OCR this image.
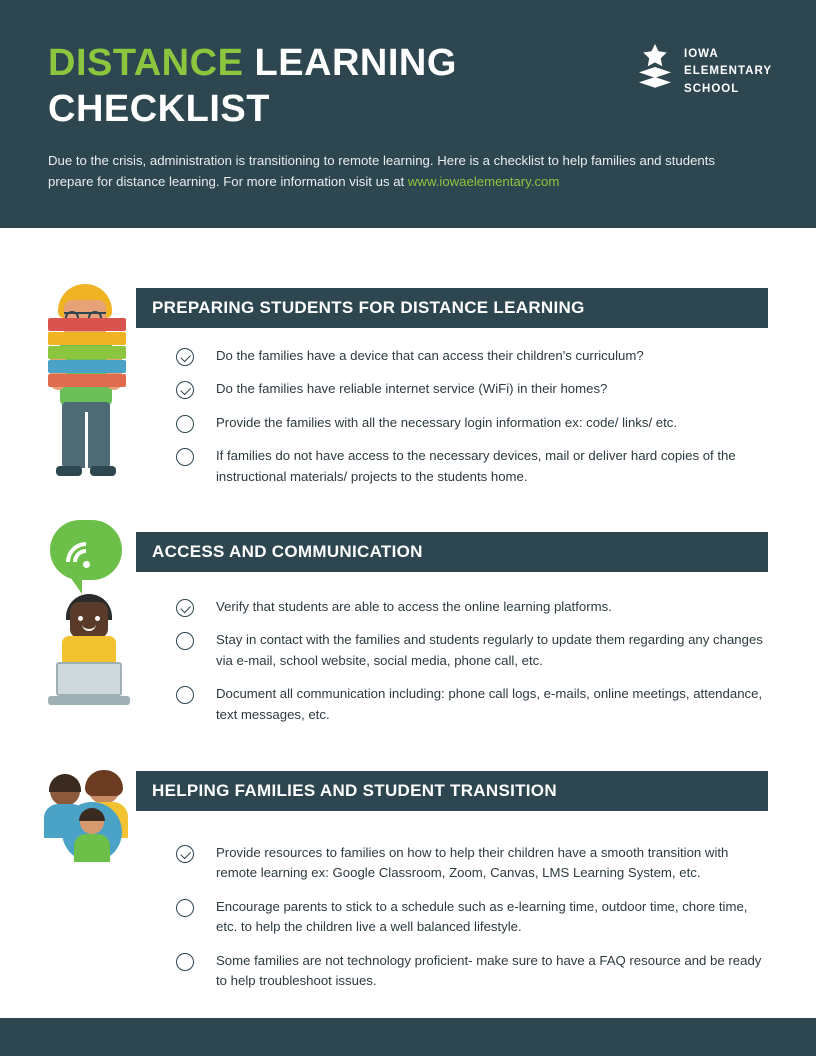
DISTANCE LEARNING CHECKLIST
Due to the crisis, administration is transitioning to remote learning. Here is a checklist to help families and students prepare for distance learning. For more information visit us at www.iowaelementary.com
IOWA
ELEMENTARY
SCHOOL
PREPARING STUDENTS FOR DISTANCE LEARNING
Do the families have a device that can access their children's curriculum?
Do the families have reliable internet service (WiFi) in their homes?
Provide the families with all the necessary login information ex: code/ links/ etc.
If families do not have access to the necessary devices, mail or deliver hard copies of the instructional materials/ projects to the students home.
ACCESS AND COMMUNICATION
Verify that students are able to access the online learning platforms.
Stay in contact with the families and students regularly to update them regarding any changes via e-mail, school website, social media, phone call, etc.
Document all communication including: phone call logs, e-mails, online meetings, attendance, text messages, etc.
HELPING FAMILIES AND STUDENT TRANSITION
Provide resources to families on how to help their children have a smooth transition with remote learning ex: Google Classroom, Zoom, Canvas, LMS Learning System, etc.
Encourage parents to stick to a schedule such as e-learning time, outdoor time, chore time, etc. to help the children live a well balanced lifestyle.
Some families are not technology proficient- make sure to have a FAQ resource and be ready to help troubleshoot issues.
